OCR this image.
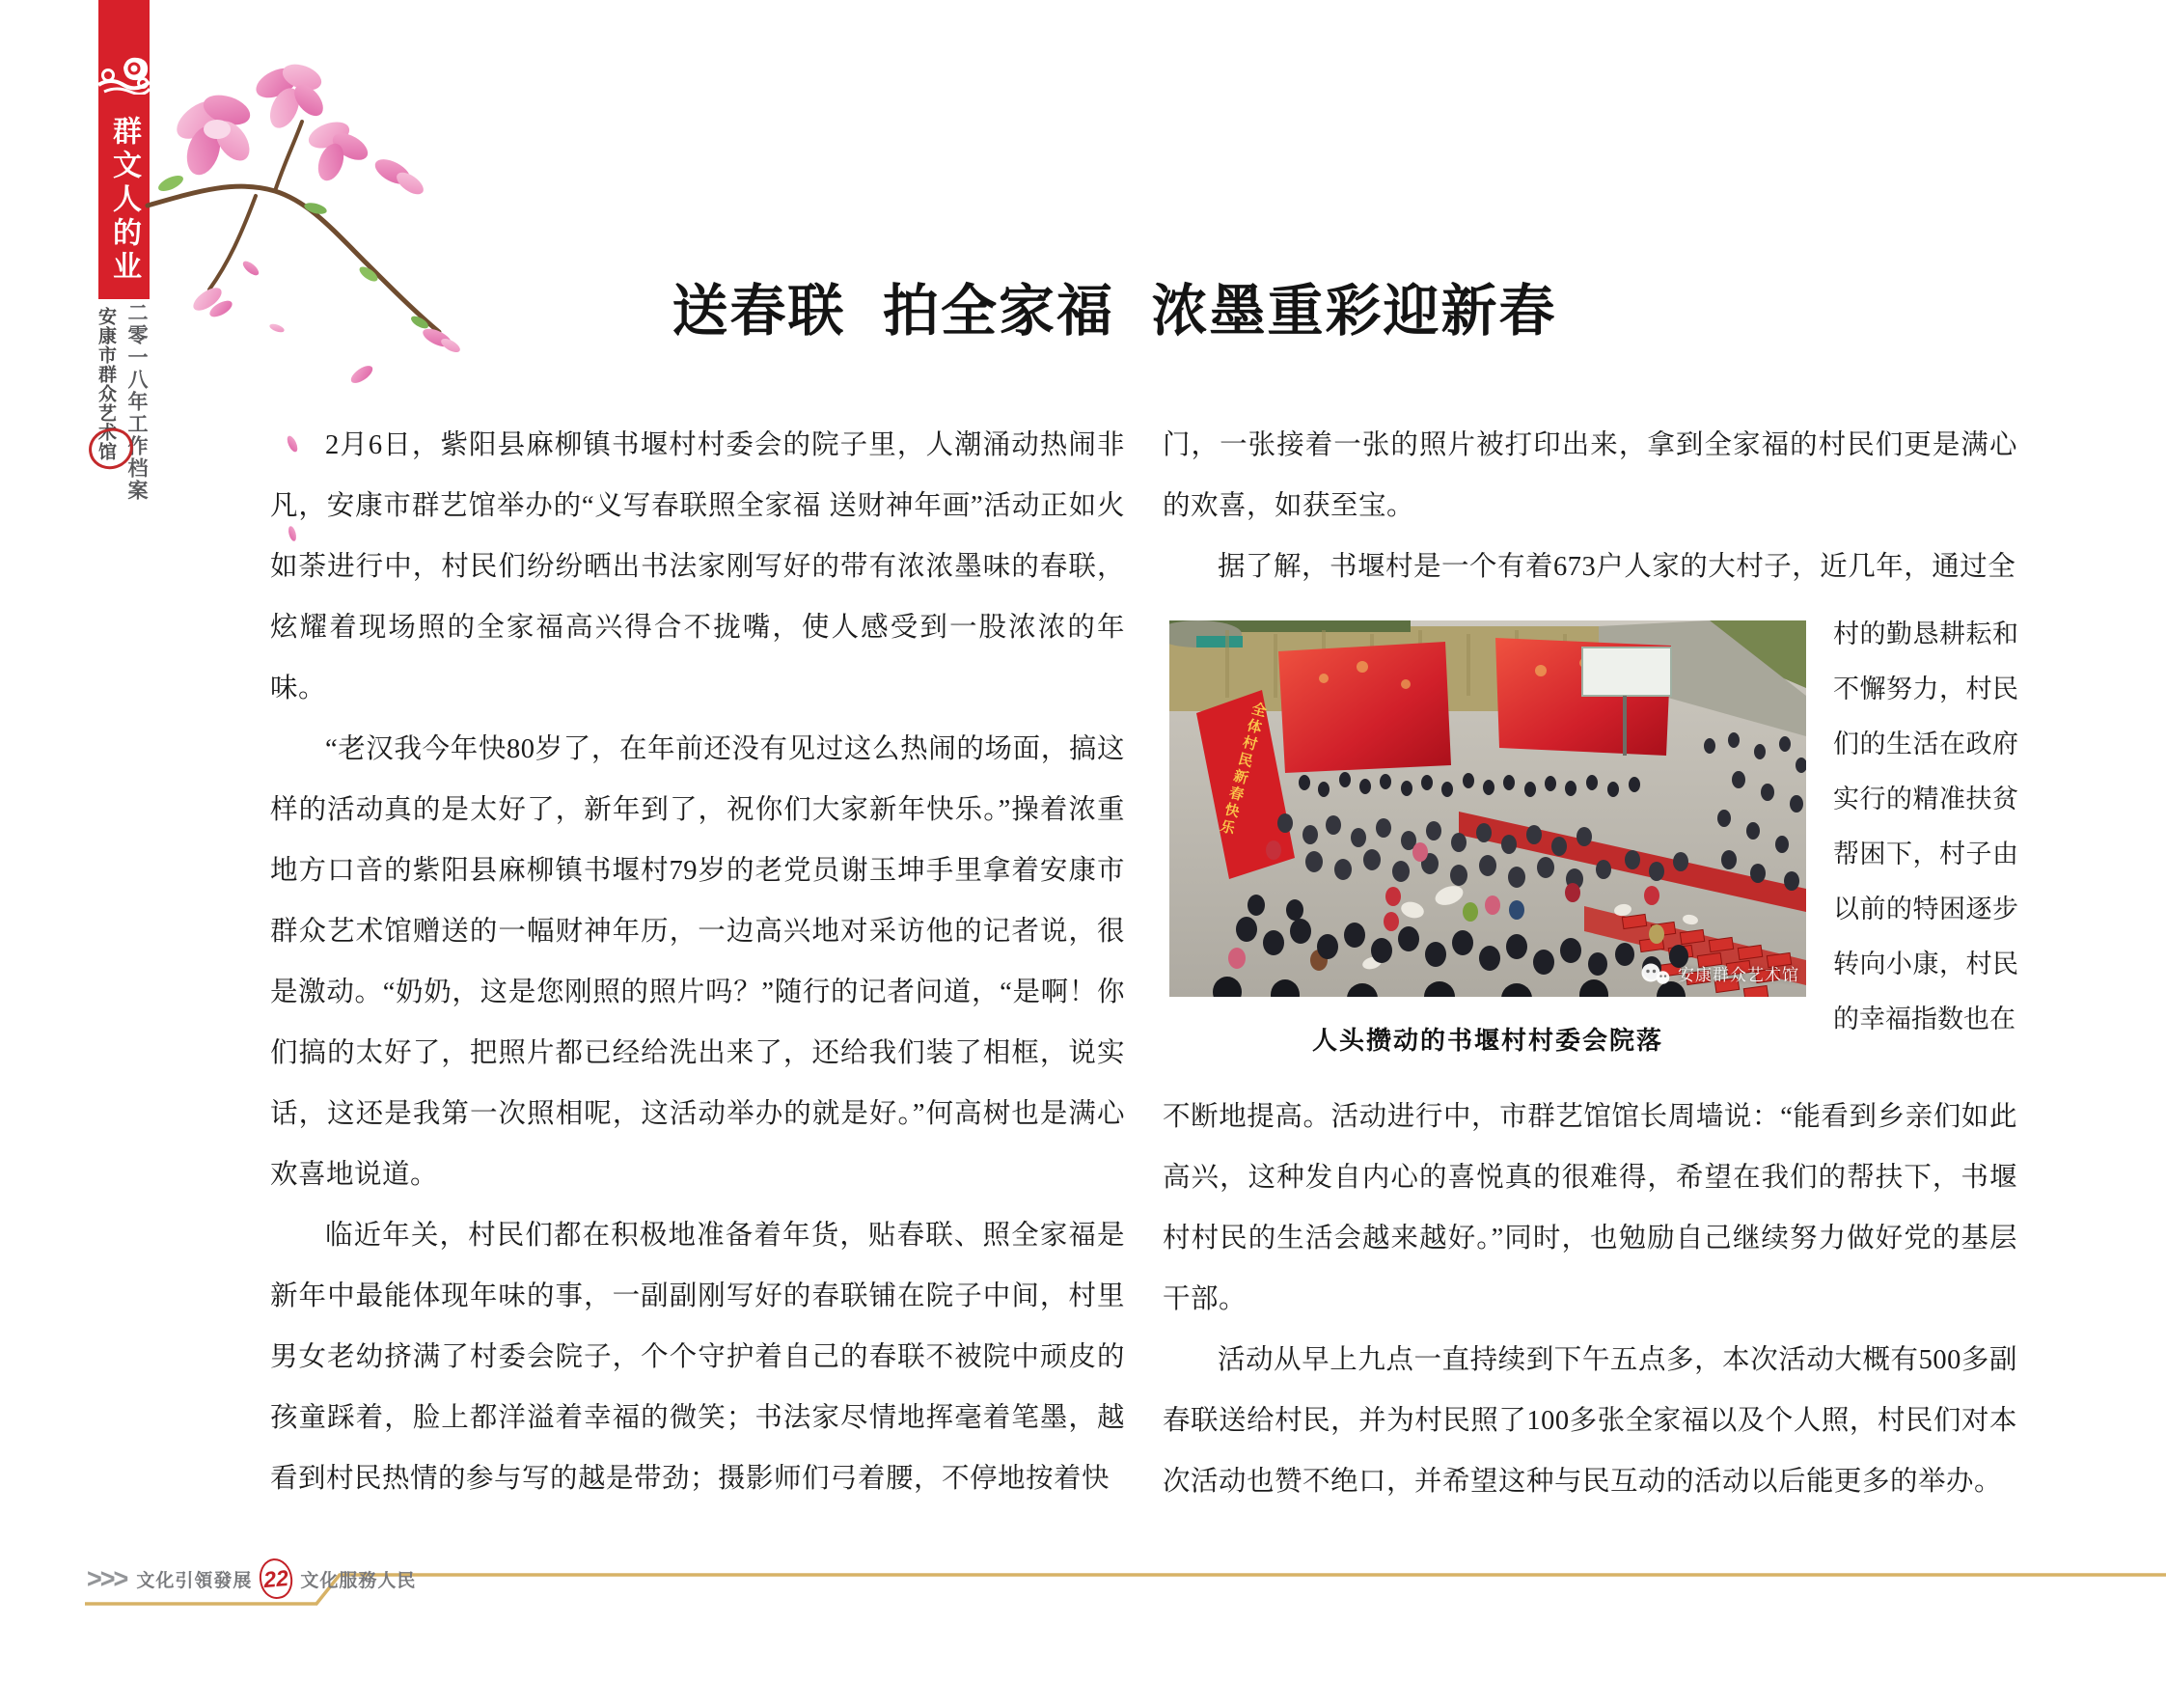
群文人的业绩
二零一八年工作档案
安康市群众艺术馆	送春联 拍全家福 浓墨重彩迎新春

2月6日，紫阳县麻柳镇书堰村村委会的院子里，人潮涌动热闹非凡，安康市群艺馆举办的“义写春联照全家福 送财神年画”活动正如火如荼进行中，村民们纷纷晒出书法家刚写好的带有浓浓墨味的春联，炫耀着现场照的全家福高兴得合不拢嘴，使人感受到一股浓浓的年味。

“老汉我今年快80岁了，在年前还没有见过这么热闹的场面，搞这样的活动真的是太好了，新年到了，祝你们大家新年快乐。”操着浓重地方口音的紫阳县麻柳镇书堰村79岁的老党员谢玉坤手里拿着安康市群众艺术馆赠送的一幅财神年历，一边高兴地对采访他的记者说，很是激动。“奶奶，这是您刚照的照片吗？”随行的记者问道，“是啊！你们搞的太好了，把照片都已经给洗出来了，还给我们装了相框，说实话，这还是我第一次照相呢，这活动举办的就是好。”何高树也是满心欢喜地说道。

临近年关，村民们都在积极地准备着年货，贴春联、照全家福是新年中最能体现年味的事，一副副刚写好的春联铺在院子中间，村里男女老幼挤满了村委会院子，个个守护着自己的春联不被院中顽皮的孩童踩着，脸上都洋溢着幸福的微笑；书法家尽情地挥毫着笔墨，越看到村民热情的参与写的越是带劲；摄影师们弓着腰，不停地按着快

门，一张接着一张的照片被打印出来，拿到全家福的村民们更是满心的欢喜，如获至宝。

据了解，书堰村是一个有着673户人家的大村子，近几年，通过全

全体村民新春快乐
安康群众艺术馆
人头攒动的书堰村村委会院落
村的勤恳耕耘和不懈努力，村民们的生活在政府实行的精准扶贫帮困下，村子由以前的特困逐步转向小康，村民的幸福指数也在
不断地提高。活动进行中，市群艺馆馆长周墙说：“能看到乡亲们如此高兴，这种发自内心的喜悦真的很难得，希望在我们的帮扶下，书堰村村民的生活会越来越好。”同时，也勉励自己继续努力做好党的基层干部。

活动从早上九点一直持续到下午五点多，本次活动大概有500多副春联送给村民，并为村民照了100多张全家福以及个人照，村民们对本次活动也赞不绝口，并希望这种与民互动的活动以后能更多的举办。

>>> 文化引領發展 22 文化服務人民
